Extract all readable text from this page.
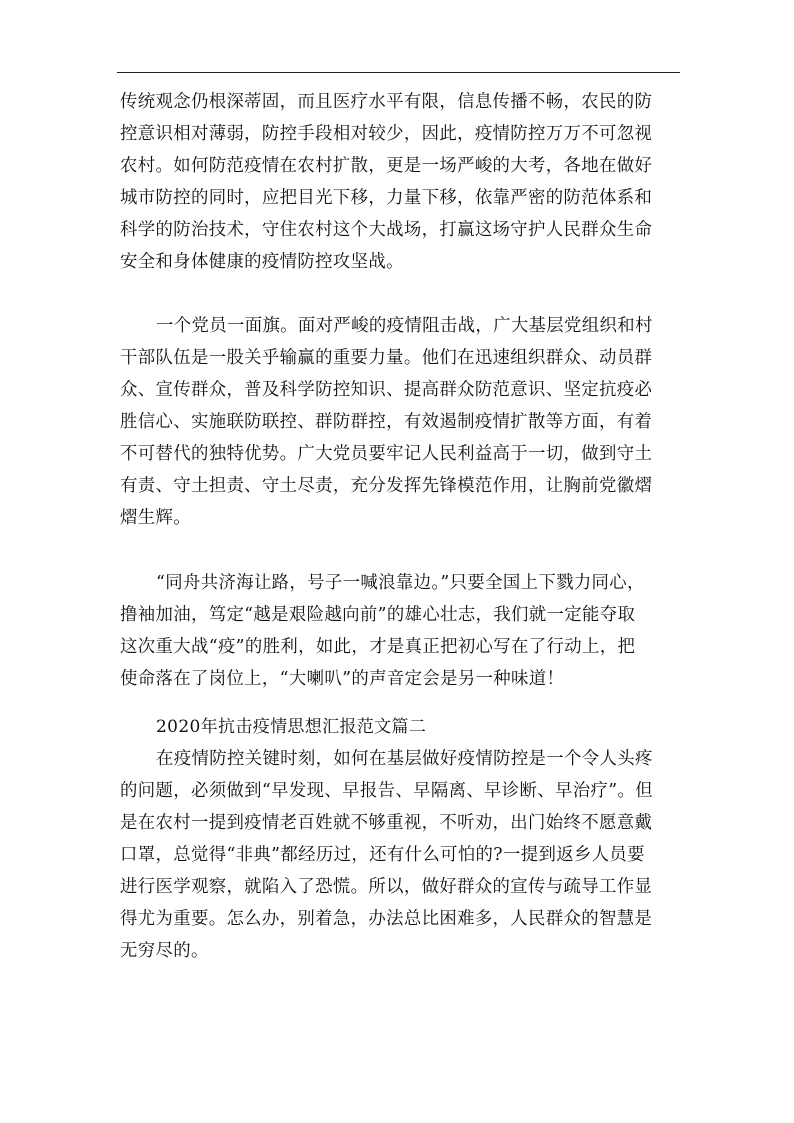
传统观念仍根深蒂固，而且医疗水平有限，信息传播不畅，农民的防
控意识相对薄弱，防控手段相对较少，因此，疫情防控万万不可忽视
农村。如何防范疫情在农村扩散，更是一场严峻的大考，各地在做好
城市防控的同时，应把目光下移，力量下移，依靠严密的防范体系和
科学的防治技术，守住农村这个大战场，打赢这场守护人民群众生命
安全和身体健康的疫情防控攻坚战。
一个党员一面旗。面对严峻的疫情阻击战，广大基层党组织和村
干部队伍是一股关乎输赢的重要力量。他们在迅速组织群众、动员群
众、宣传群众，普及科学防控知识、提高群众防范意识、坚定抗疫必
胜信心、实施联防联控、群防群控，有效遏制疫情扩散等方面，有着
不可替代的独特优势。广大党员要牢记人民利益高于一切，做到守土
有责、守土担责、守土尽责，充分发挥先锋模范作用，让胸前党徽熠
熠生辉。
“同舟共济海让路，号子一喊浪靠边。”只要全国上下戮力同心，
撸袖加油，笃定“越是艰险越向前”的雄心壮志，我们就一定能夺取
这次重大战“疫”的胜利，如此，才是真正把初心写在了行动上，把
使命落在了岗位上，“大喇叭”的声音定会是另一种味道！
2020年抗击疫情思想汇报范文篇二
在疫情防控关键时刻，如何在基层做好疫情防控是一个令人头疼
的问题，必须做到“早发现、早报告、早隔离、早诊断、早治疗”。但
是在农村一提到疫情老百姓就不够重视，不听劝，出门始终不愿意戴
口罩，总觉得“非典”都经历过，还有什么可怕的?一提到返乡人员要
进行医学观察，就陷入了恐慌。所以，做好群众的宣传与疏导工作显
得尤为重要。怎么办，别着急，办法总比困难多，人民群众的智慧是
无穷尽的。
